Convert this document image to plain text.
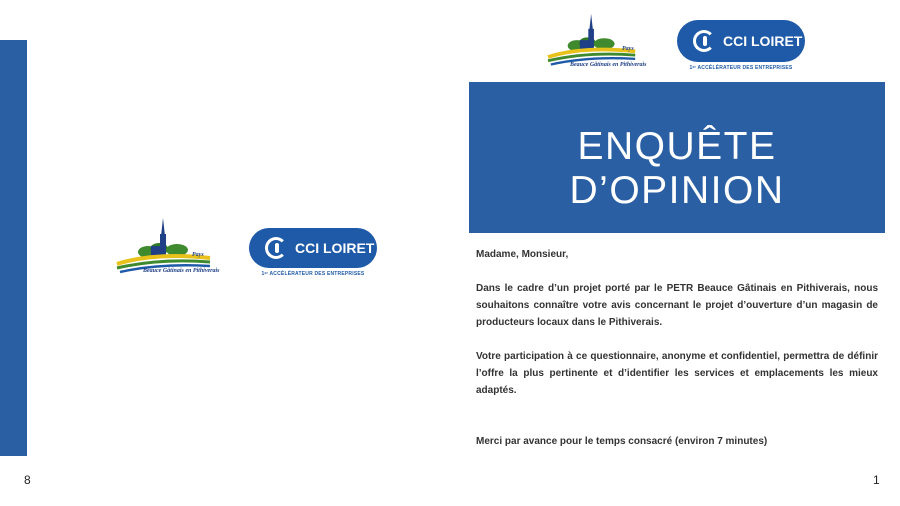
Pays
Beauce Gâtinais en Pithiverais
CCI LOIRET
1ᵉʳ ACCÉLÉRATEUR DES ENTREPRISES
8
Pays
Beauce Gâtinais en Pithiverais
CCI LOIRET
1ᵉʳ ACCÉLÉRATEUR DES ENTREPRISES
ENQUÊTE D’OPINION
OUVERTURE D’UN MAGASIN DE PRODUCTEURS LOCAUX

Madame, Monsieur,

Dans le cadre d’un projet porté par le PETR Beauce Gâtinais en Pithiverais, nous souhaitons connaître votre avis concernant le projet d’ouverture d’un magasin de producteurs locaux dans le Pithiverais.

Votre participation à ce questionnaire, anonyme et confidentiel, permettra de définir l’offre la plus pertinente et d’identifier les services et emplacements les mieux adaptés.

Merci par avance pour le temps consacré (environ 7 minutes)

1
